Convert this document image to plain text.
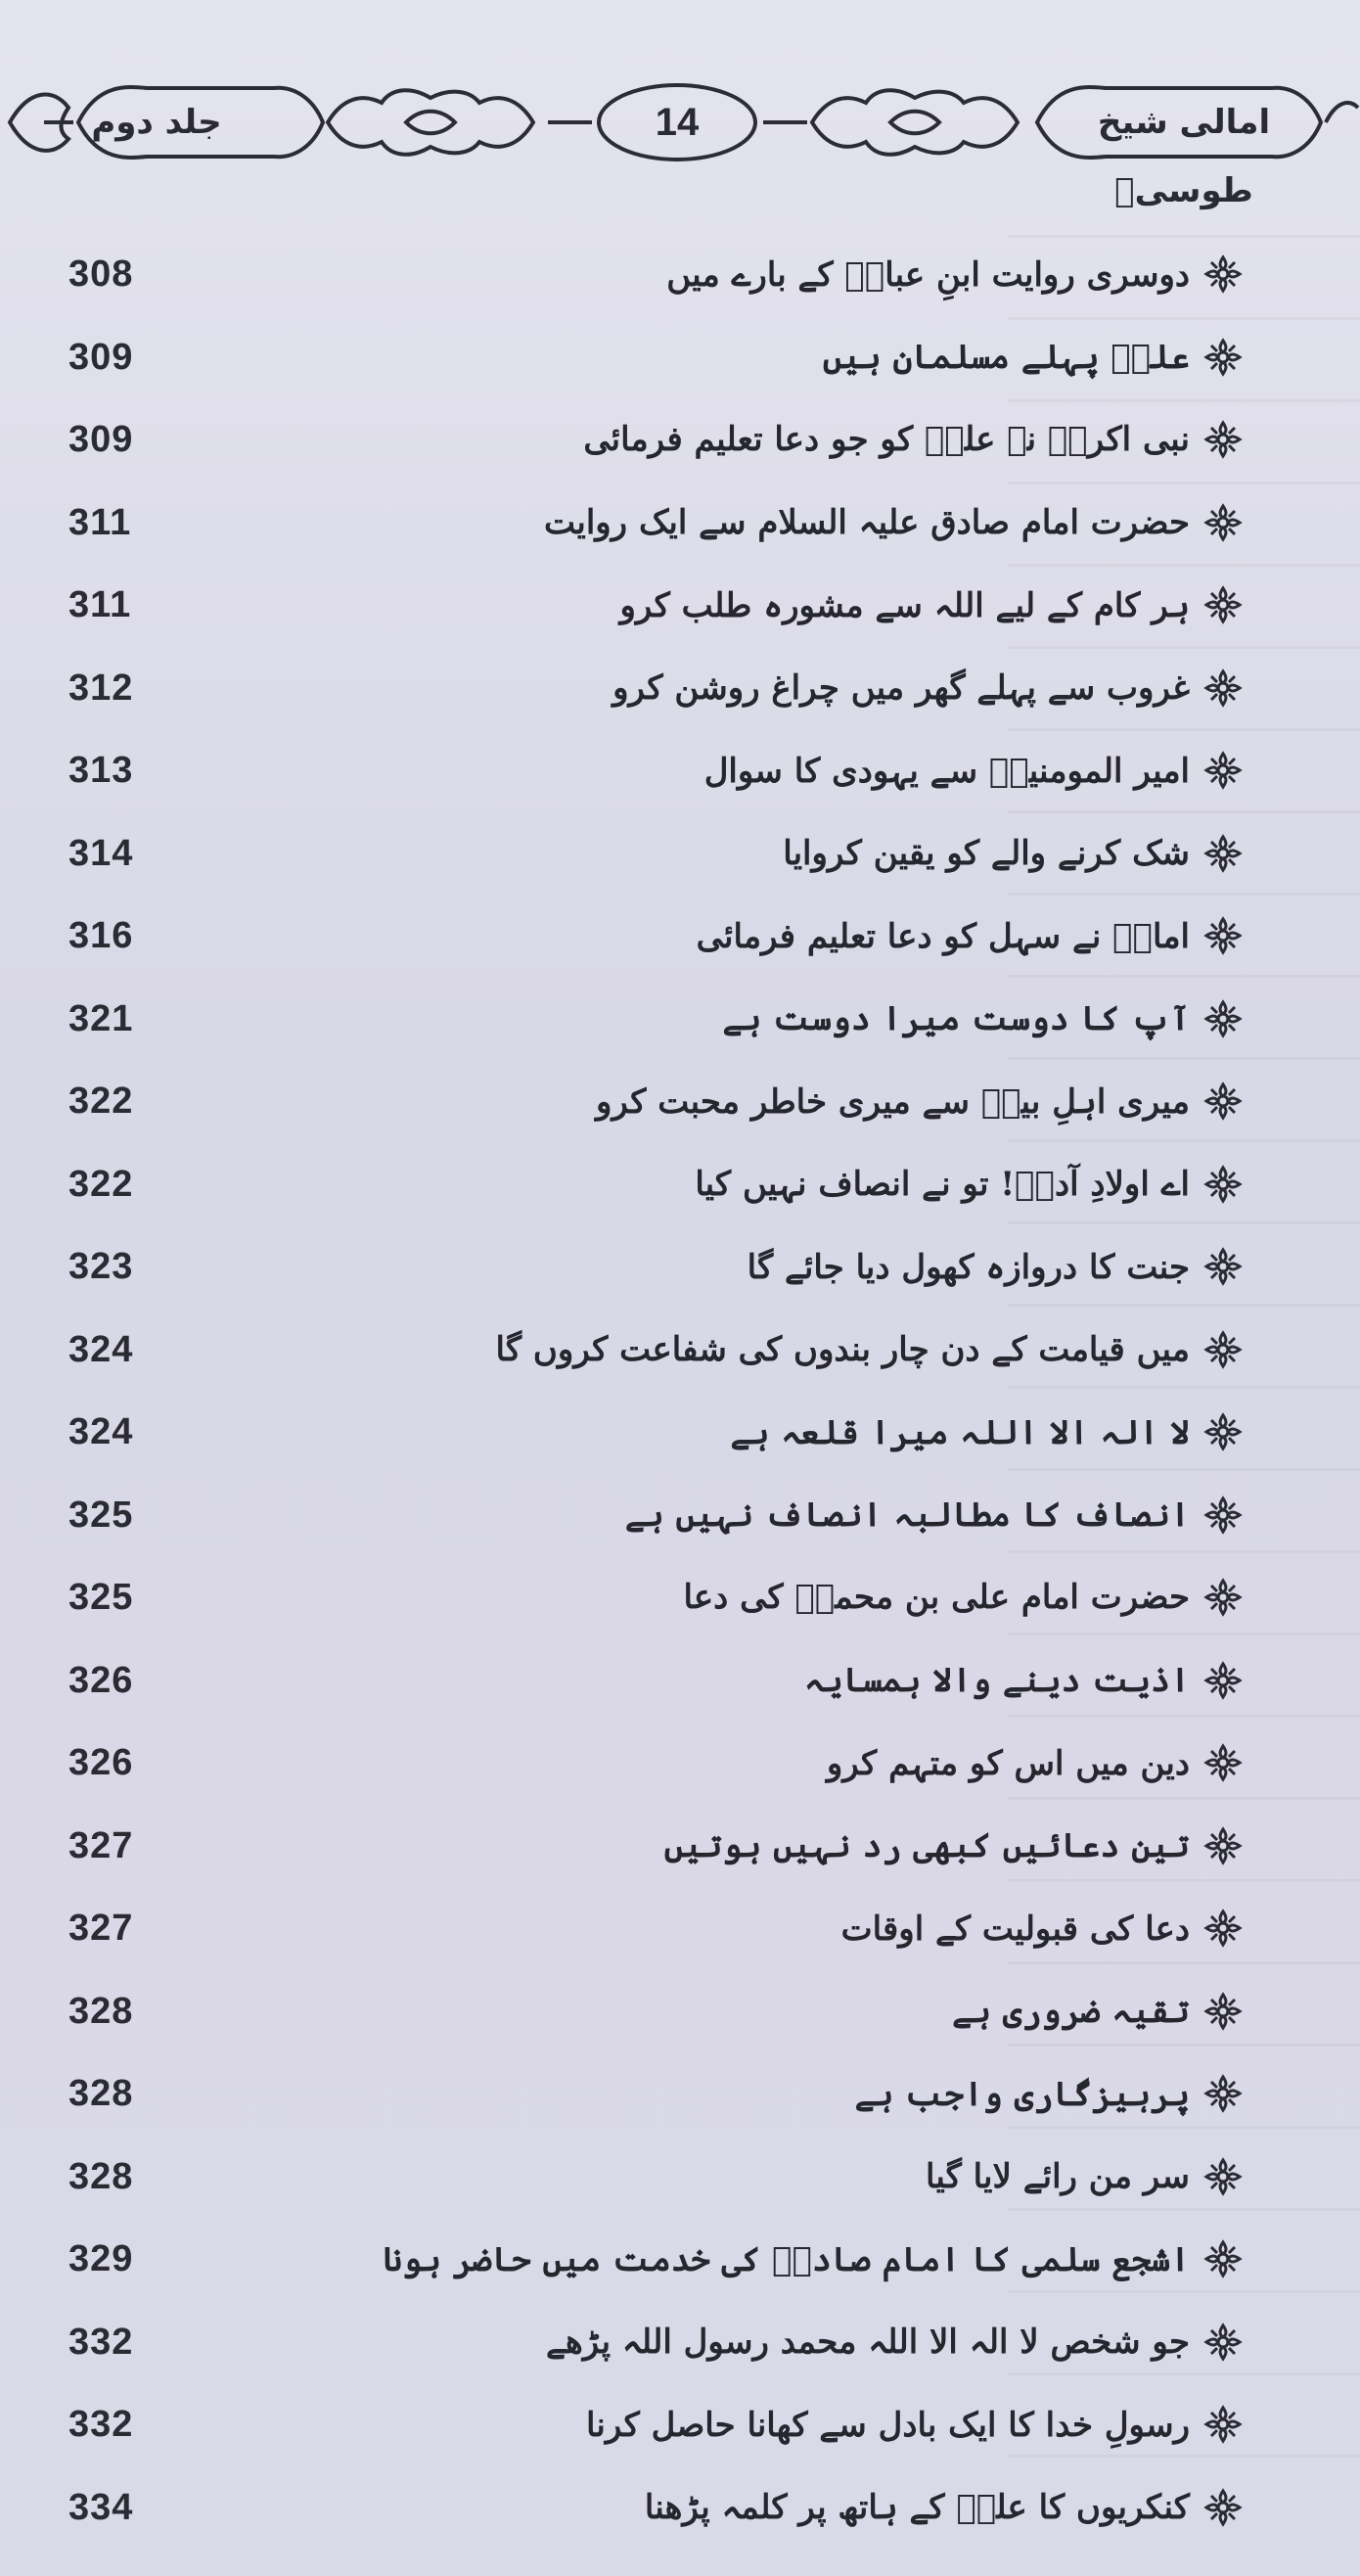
جلد دوم	14	امالی شیخ طوسیؒ
308	دوسری روایت ابنِ عباسؓ کے بارے میں
309	علیؑ پہلے مسلمان ہیں
309	نبی اکرمؐ نے علیؑ کو جو دعا تعلیم فرمائی
311	حضرت امام صادق علیہ السلام سے ایک روایت
311	ہر کام کے لیے اللہ سے مشورہ طلب کرو
312	غروب سے پہلے گھر میں چراغ روشن کرو
313	امیر المومنینؑ سے یہودی کا سوال
314	شک کرنے والے کو یقین کروایا
316	امامؑ نے سہل کو دعا تعلیم فرمائی
321	آپ کا دوست میرا دوست ہے
322	میری اہلِ بیتؑ سے میری خاطر محبت کرو
322	اے اولادِ آدمؑ! تو نے انصاف نہیں کیا
323	جنت کا دروازہ کھول دیا جائے گا
324	میں قیامت کے دن چار بندوں کی شفاعت کروں گا
324	لا الہ الا اللہ میرا قلعہ ہے
325	انصاف کا مطالبہ انصاف نہیں ہے
325	حضرت امام علی بن محمدؑ کی دعا
326	اذیت دینے والا ہمسایہ
326	دین میں اس کو متہم کرو
327	تین دعائیں کبھی رد نہیں ہوتیں
327	دعا کی قبولیت کے اوقات
328	تقیہ ضروری ہے
328	پرہیزگاری واجب ہے
328	سر من رائے لایا گیا
329	اشجع سلمی کا امام صادقؑ کی خدمت میں حاضر ہونا
332	جو شخص لا الہ الا اللہ محمد رسول اللہ پڑھے
332	رسولِ خدا کا ایک بادل سے کھانا حاصل کرنا
334	کنکریوں کا علیؑ کے ہاتھ پر کلمہ پڑھنا
